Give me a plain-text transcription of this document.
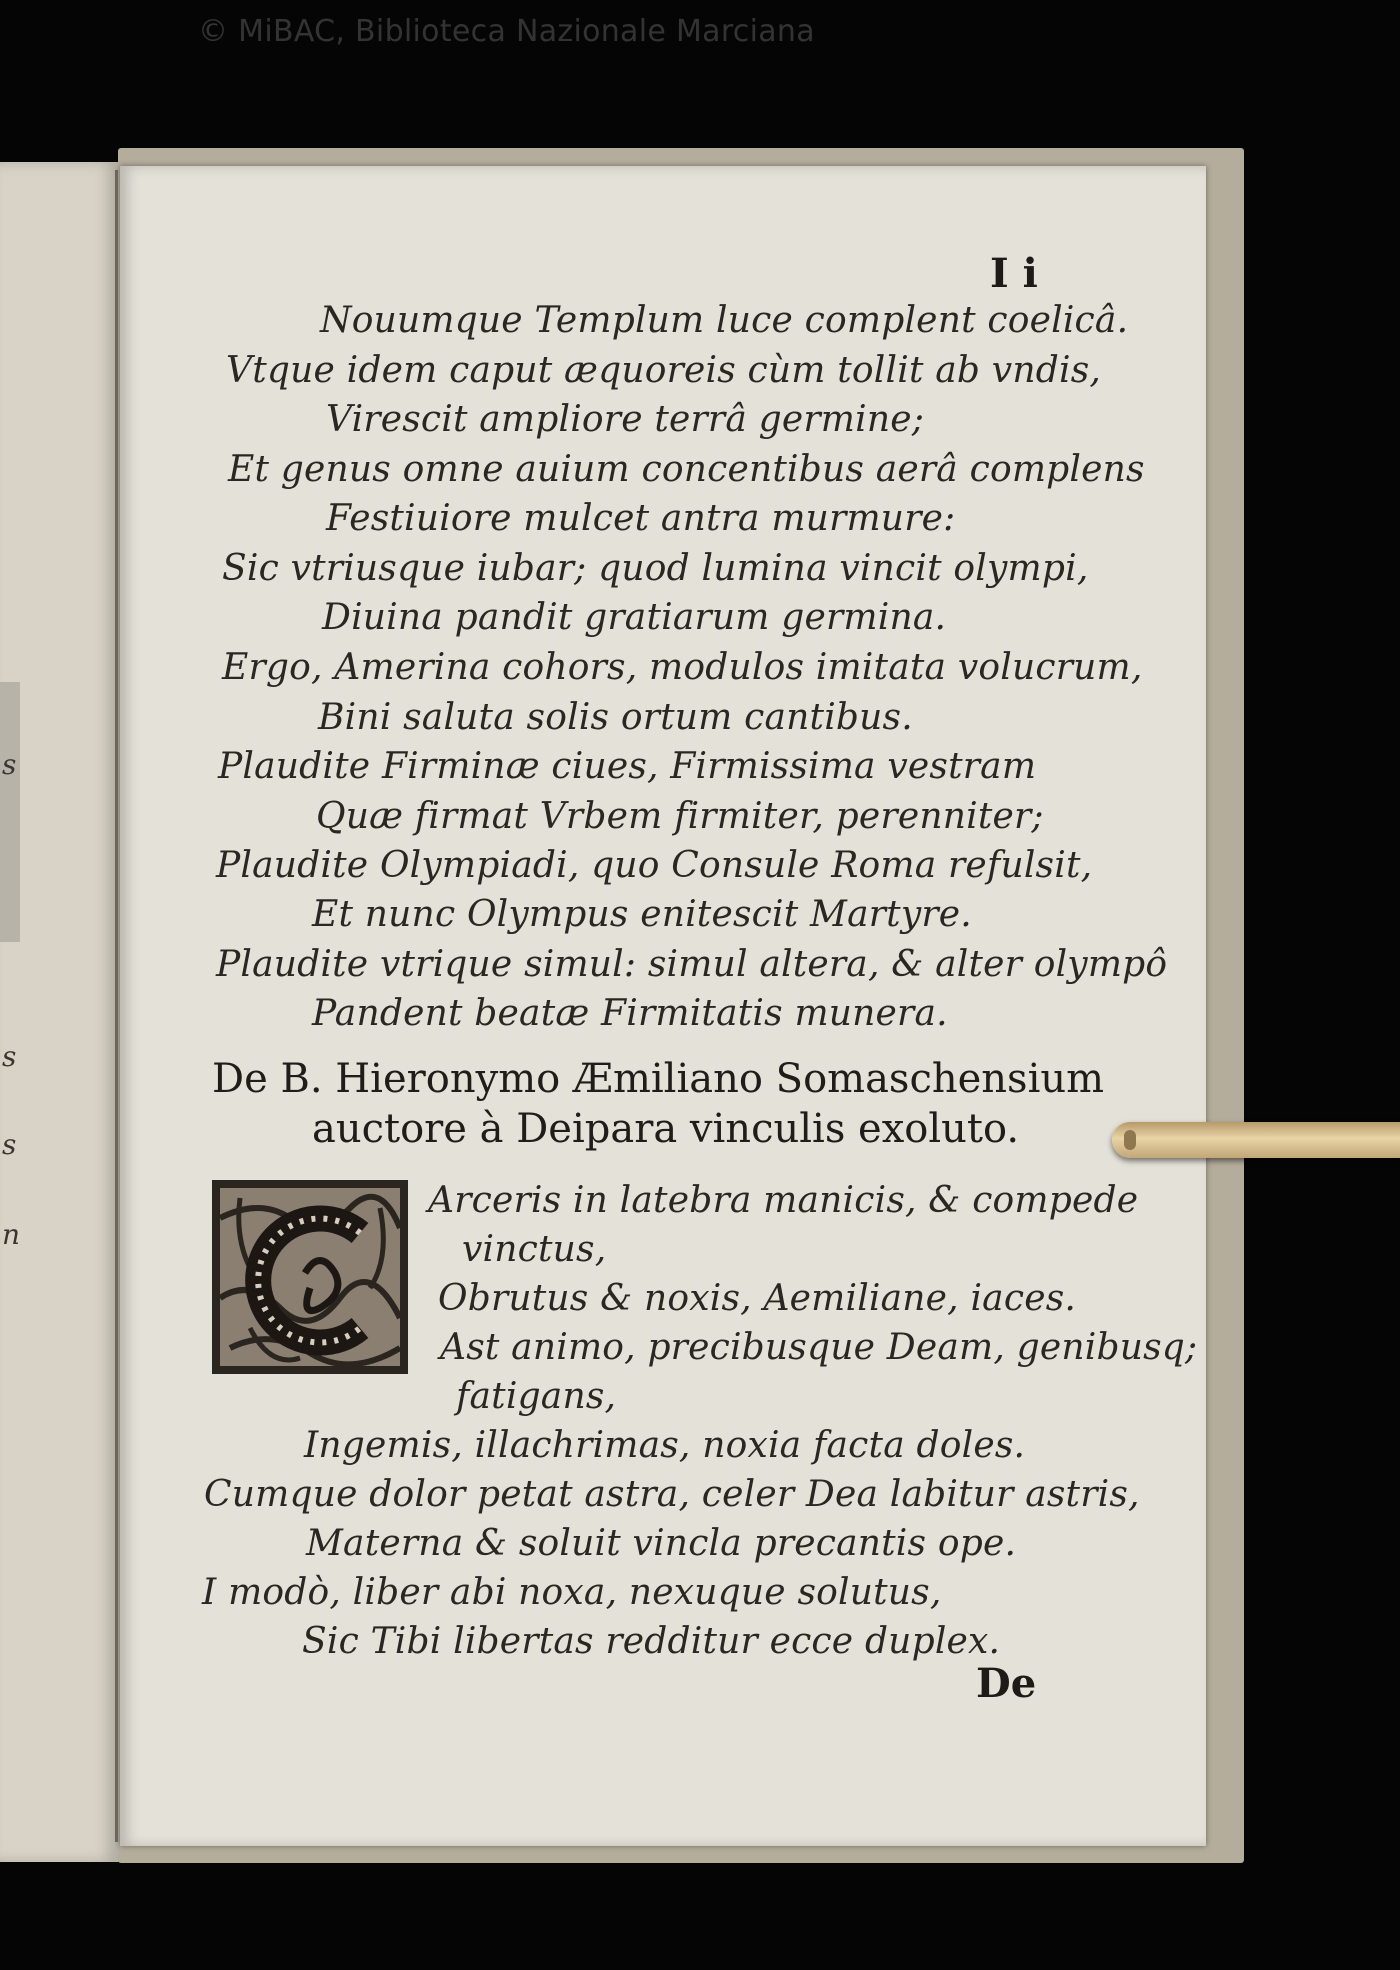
© MiBAC, Biblioteca Nazionale Marciana
s
s
s
n
I i
Nouumque Templum luce complent coelicâ.
Vtque idem caput æquoreis cùm tollit ab vndis,
Virescit ampliore terrâ germine;
Et genus omne auium concentibus aerâ complens
Festiuiore mulcet antra murmure:
Sic vtriusque iubar; quod lumina vincit olympi,
Diuina pandit gratiarum germina.
Ergo, Amerina cohors, modulos imitata volucrum,
Bini saluta solis ortum cantibus.
Plaudite Firminæ ciues, Firmissima vestram
Quæ firmat Vrbem firmiter, perenniter;
Plaudite Olympiadi, quo Consule Roma refulsit,
Et nunc Olympus enitescit Martyre.
Plaudite vtrique simul: simul altera, & alter olympô
Pandent beatæ Firmitatis munera.
De B. Hieronymo Æmiliano Somaschensium
auctore à Deipara vinculis exoluto.
Arceris in latebra manicis, & compede
vinctus,
Obrutus & noxis, Aemiliane, iaces.
Ast animo, precibusque Deam, genibusq;
fatigans,
Ingemis, illachrimas, noxia facta doles.
Cumque dolor petat astra, celer Dea labitur astris,
Materna & soluit vincla precantis ope.
I modò, liber abi noxa, nexuque solutus,
Sic Tibi libertas redditur ecce duplex.
De
